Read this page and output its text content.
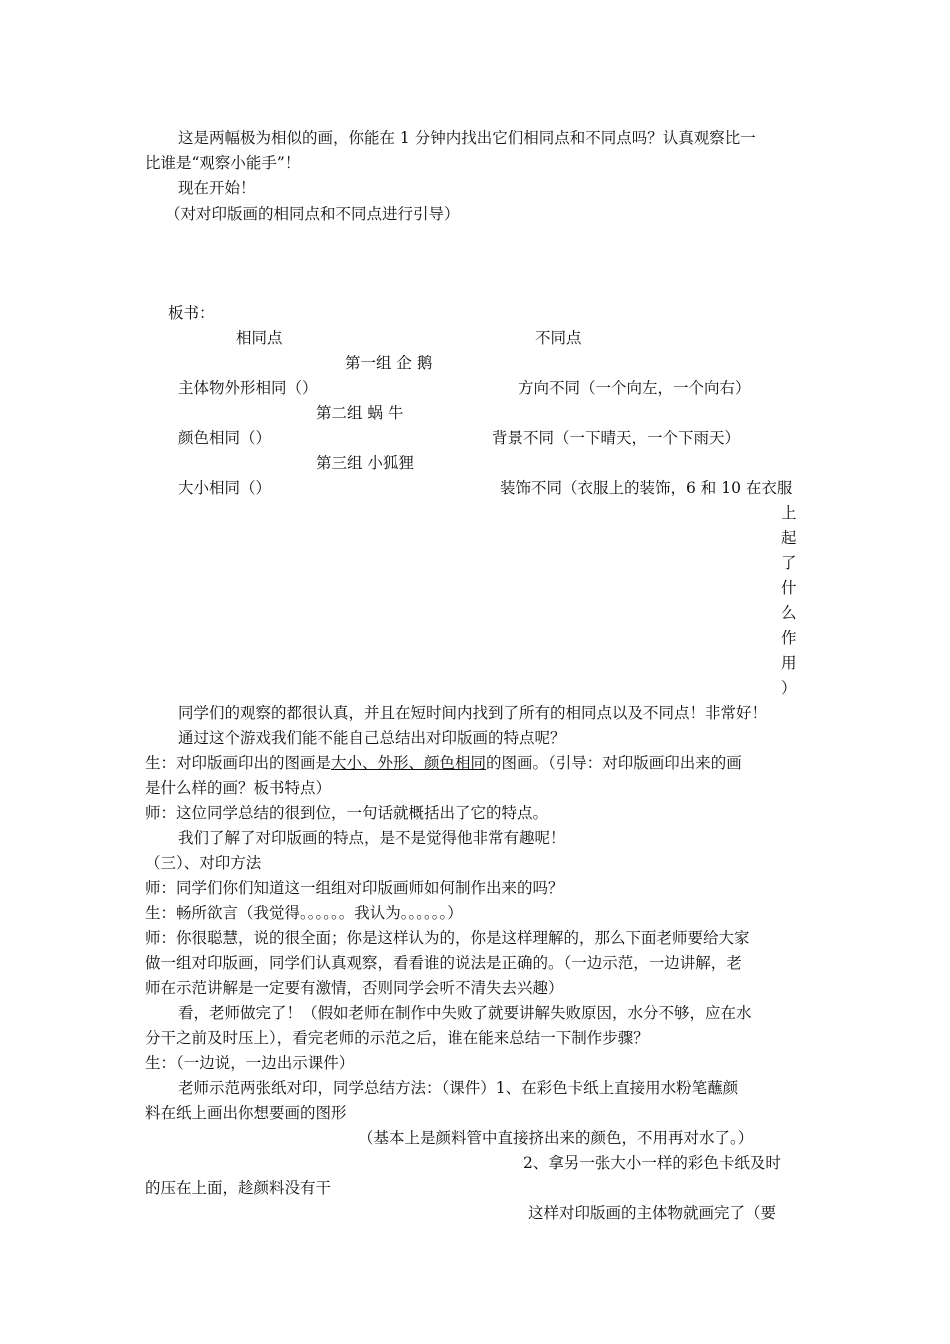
这是两幅极为相似的画，你能在 1 分钟内找出它们相同点和不同点吗？认真观察比一
比谁是“观察小能手”！
现在开始！
（对对印版画的相同点和不同点进行引导）
板书：
相同点	不同点
第一组 企 鹅
主体物外形相同（）	方向不同（一个向左，一个向右）
第二组 蜗 牛
颜色相同（）	背景不同（一下晴天，一个下雨天）
第三组 小狐狸
大小相同（）	装饰不同（衣服上的装饰，6 和 10 在衣服
上
起
了
什
么
作
用
）
同学们的观察的都很认真，并且在短时间内找到了所有的相同点以及不同点！非常好！
通过这个游戏我们能不能自己总结出对印版画的特点呢？
生：对印版画印出的图画是大小、外形、颜色相同的图画。（引导：对印版画印出来的画
是什么样的画？板书特点）
师：这位同学总结的很到位，一句话就概括出了它的特点。
我们了解了对印版画的特点，是不是觉得他非常有趣呢！
（三）、对印方法
师：同学们你们知道这一组组对印版画师如何制作出来的吗？
生：畅所欲言（我觉得。。。。。。我认为。。。。。。）
师：你很聪慧，说的很全面；你是这样认为的，你是这样理解的，那么下面老师要给大家
做一组对印版画，同学们认真观察，看看谁的说法是正确的。（一边示范，一边讲解，老
师在示范讲解是一定要有激情，否则同学会听不清失去兴趣）
看，老师做完了！（假如老师在制作中失败了就要讲解失败原因，水分不够，应在水
分干之前及时压上），看完老师的示范之后，谁在能来总结一下制作步骤？
生：（一边说，一边出示课件）
老师示范两张纸对印，同学总结方法：（课件）1、在彩色卡纸上直接用水粉笔蘸颜
料在纸上画出你想要画的图形
（基本上是颜料管中直接挤出来的颜色，不用再对水了。）
2、拿另一张大小一样的彩色卡纸及时
的压在上面，趁颜料没有干
这样对印版画的主体物就画完了（要
